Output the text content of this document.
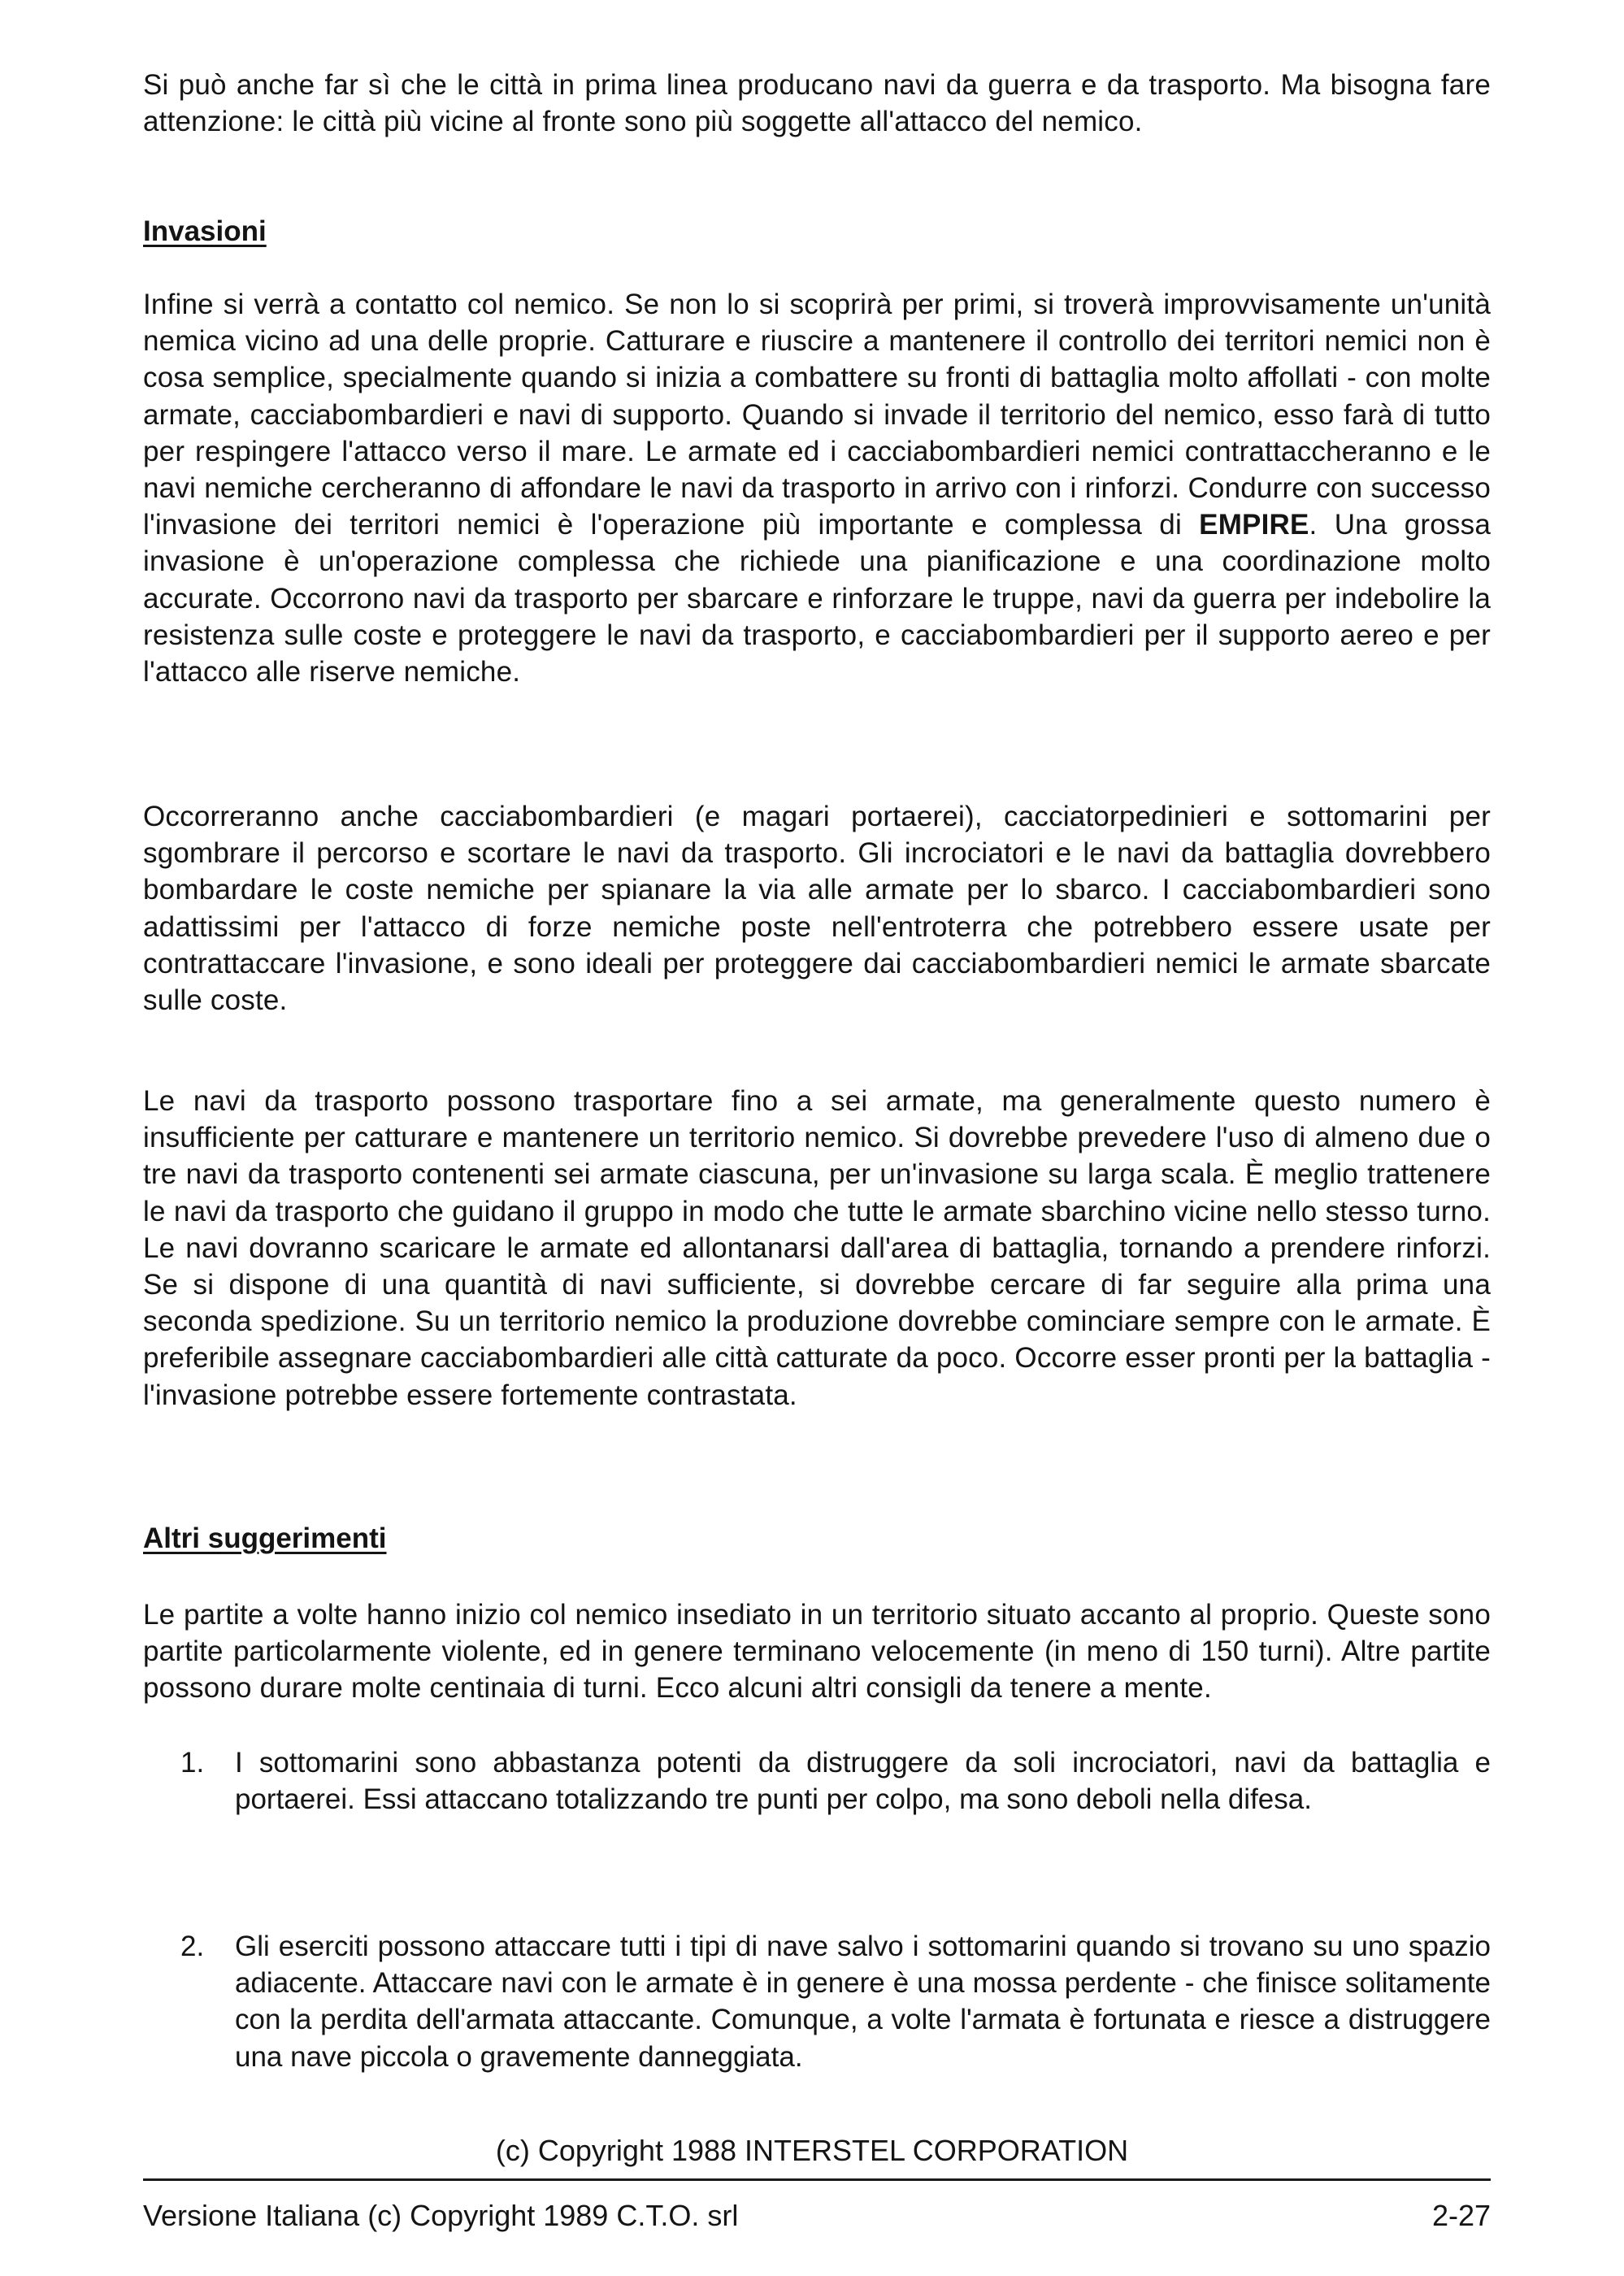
Si può anche far sì che le città in prima linea producano navi da guerra e da trasporto. Ma bisogna fare attenzione: le città più vicine al fronte sono più soggette all'attacco del nemico.

Invasioni

Infine si verrà a contatto col nemico. Se non lo si scoprirà per primi, si troverà improvvisamente un'unità nemica vicino ad una delle proprie. Catturare e riuscire a mantenere il controllo dei territori nemici non è cosa semplice, specialmente quando si inizia a combattere su fronti di battaglia molto affollati - con molte armate, cacciabombardieri e navi di supporto. Quando si invade il territorio del nemico, esso farà di tutto per respingere l'attacco verso il mare. Le armate ed i cacciabombardieri nemici contrattaccheranno e le navi nemiche cercheranno di affondare le navi da trasporto in arrivo con i rinforzi. Condurre con successo l'invasione dei territori nemici è l'operazione più importante e complessa di EMPIRE. Una grossa invasione è un'operazione complessa che richiede una pianificazione e una coordinazione molto accurate. Occorrono navi da trasporto per sbarcare e rinforzare le truppe, navi da guerra per indebolire la resistenza sulle coste e proteggere le navi da trasporto, e cacciabombardieri per il supporto aereo e per l'attacco alle riserve nemiche.

Occorreranno anche cacciabombardieri (e magari portaerei), cacciatorpedinieri e sottomarini per sgombrare il percorso e scortare le navi da trasporto. Gli incrociatori e le navi da battaglia dovrebbero bombardare le coste nemiche per spianare la via alle armate per lo sbarco. I cacciabombardieri sono adattissimi per l'attacco di forze nemiche poste nell'entroterra che potrebbero essere usate per contrattaccare l'invasione, e sono ideali per proteggere dai cacciabombardieri nemici le armate sbarcate sulle coste.

Le navi da trasporto possono trasportare fino a sei armate, ma generalmente questo numero è insufficiente per catturare e mantenere un territorio nemico. Si dovrebbe prevedere l'uso di almeno due o tre navi da trasporto contenenti sei armate ciascuna, per un'invasione su larga scala. È meglio trattenere le navi da trasporto che guidano il gruppo in modo che tutte le armate sbarchino vicine nello stesso turno. Le navi dovranno scaricare le armate ed allontanarsi dall'area di battaglia, tornando a prendere rinforzi. Se si dispone di una quantità di navi sufficiente, si dovrebbe cercare di far seguire alla prima una seconda spedizione. Su un territorio nemico la produzione dovrebbe cominciare sempre con le armate. È preferibile assegnare cacciabombardieri alle città catturate da poco. Occorre esser pronti per la battaglia - l'invasione potrebbe essere fortemente contrastata.

Altri suggerimenti

Le partite a volte hanno inizio col nemico insediato in un territorio situato accanto al proprio. Queste sono partite particolarmente violente, ed in genere terminano velocemente (in meno di 150 turni). Altre partite possono durare molte centinaia di turni. Ecco alcuni altri consigli da tenere a mente.

1. I sottomarini sono abbastanza potenti da distruggere da soli incrociatori, navi da battaglia e portaerei. Essi attaccano totalizzando tre punti per colpo, ma sono deboli nella difesa.
2. Gli eserciti possono attaccare tutti i tipi di nave salvo i sottomarini quando si trovano su uno spazio adiacente. Attaccare navi con le armate è in genere è una mossa perdente - che finisce solitamente con la perdita dell'armata attaccante. Comunque, a volte l'armata è fortunata e riesce a distruggere una nave piccola o gravemente danneggiata.
(c) Copyright 1988 INTERSTEL CORPORATION
Versione Italiana (c) Copyright 1989 C.T.O. srl	2-27
